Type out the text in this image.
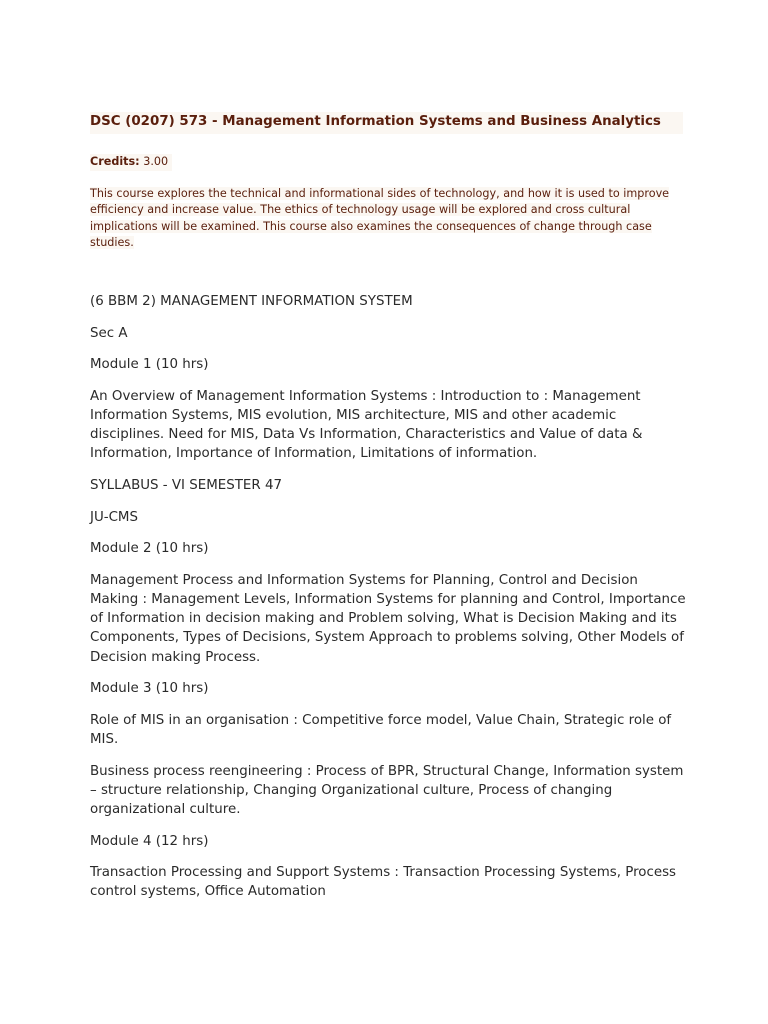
DSC (0207) 573 - Management Information Systems and Business Analytics
Credits: 3.00
This course explores the technical and informational sides of technology, and how it is used to improve
efficiency and increase value. The ethics of technology usage will be explored and cross cultural
implications will be examined. This course also examines the consequences of change through case
studies.

(6 BBM 2) MANAGEMENT INFORMATION SYSTEM

Sec A

Module 1 (10 hrs)

An Overview of Management Information Systems : Introduction to : Management Information Systems, MIS evolution, MIS architecture, MIS and other academic disciplines. Need for MIS, Data Vs Information, Characteristics and Value of data & Information, Importance of Information, Limitations of information.

SYLLABUS - VI SEMESTER 47

JU-CMS

Module 2 (10 hrs)

Management Process and Information Systems for Planning, Control and Decision Making : Management Levels, Information Systems for planning and Control, Importance of Information in decision making and Problem solving, What is Decision Making and its Components, Types of Decisions, System Approach to problems solving, Other Models of Decision making Process.

Module 3 (10 hrs)

Role of MIS in an organisation : Competitive force model, Value Chain, Strategic role of MIS.

Business process reengineering : Process of BPR, Structural Change, Information system – structure relationship, Changing Organizational culture, Process of changing organizational culture.

Module 4 (12 hrs)

Transaction Processing and Support Systems : Transaction Processing Systems, Process control systems, Office Automation
